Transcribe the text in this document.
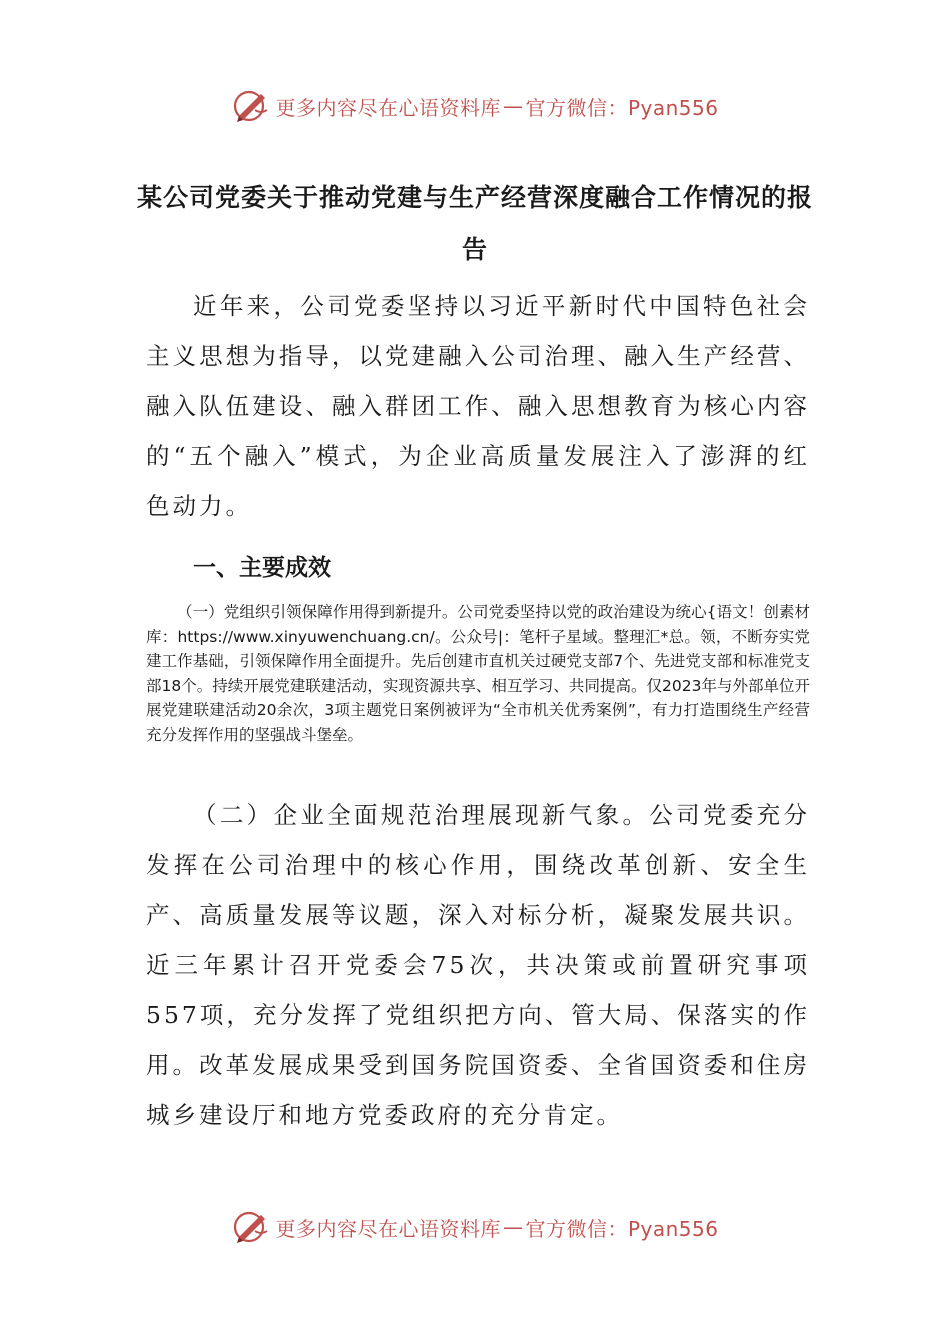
更多内容尽在心语资料库 — 官方微信：Pyan556
某公司党委关于推动党建与生产经营深度融合工作情况的报告

近年来，公司党委坚持以习近平新时代中国特色社会主义思想为指导，以党建融入公司治理、融入生产经营、融入队伍建设、融入群团工作、融入思想教育为核心内容的“五个融入”模式，为企业高质量发展注入了澎湃的红色动力。

一、主要成效

（一）党组织引领保障作用得到新提升。公司党委坚持以党的政治建设为统心{语文！创素材库：https://www.xinyuwenchuang.cn/。公众号|：笔杆子星域。整理汇*总。领，不断夯实党建工作基础，引领保障作用全面提升。先后创建市直机关过硬党支部7个、先进党支部和标准党支部18个。持续开展党建联建活动，实现资源共享、相互学习、共同提高。仅2023年与外部单位开展党建联建活动20余次，3项主题党日案例被评为“全市机关优秀案例”，有力打造围绕生产经营充分发挥作用的坚强战斗堡垒。

（二）企业全面规范治理展现新气象。公司党委充分发挥在公司治理中的核心作用，围绕改革创新、安全生产、高质量发展等议题，深入对标分析，凝聚发展共识。近三年累计召开党委会75次，共决策或前置研究事项557项，充分发挥了党组织把方向、管大局、保落实的作用。改革发展成果受到国务院国资委、全省国资委和住房城乡建设厅和地方党委政府的充分肯定。

更多内容尽在心语资料库 — 官方微信：Pyan556
